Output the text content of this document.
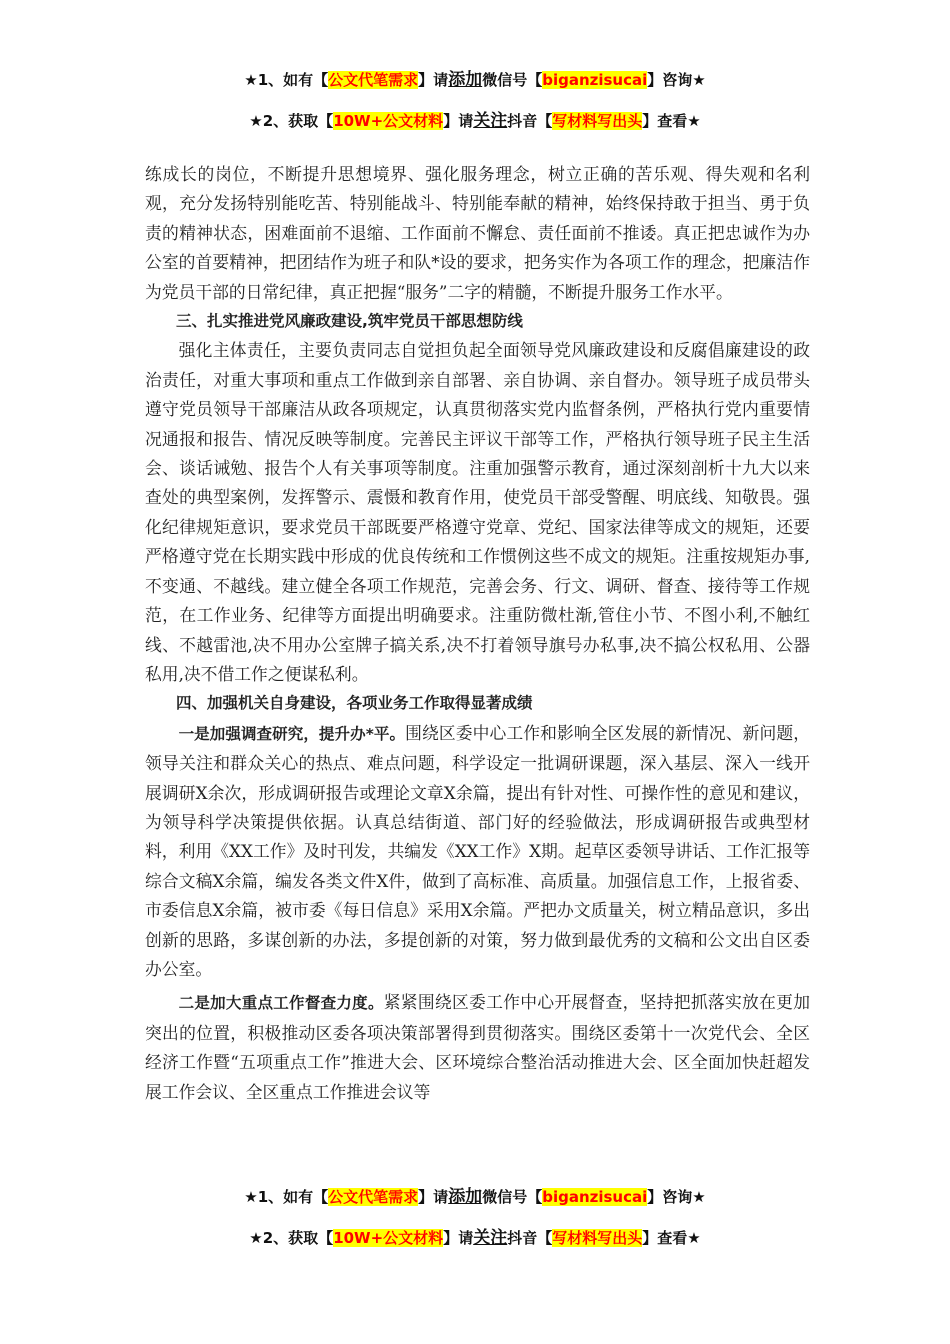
★1、如有【公文代笔需求】请添加微信号【biganzisucai】咨询★
★2、获取【10W+公文材料】请关注抖音【写材料写出头】查看★

练成长的岗位，不断提升思想境界、强化服务理念，树立正确的苦乐观、得失观和名利观，充分发扬特别能吃苦、特别能战斗、特别能奉献的精神，始终保持敢于担当、勇于负责的精神状态，困难面前不退缩、工作面前不懈怠、责任面前不推诿。真正把忠诚作为办公室的首要精神，把团结作为班子和队*设的要求，把务实作为各项工作的理念，把廉洁作为党员干部的日常纪律，真正把握“服务”二字的精髓，不断提升服务工作水平。

三、扎实推进党风廉政建设,筑牢党员干部思想防线

强化主体责任，主要负责同志自觉担负起全面领导党风廉政建设和反腐倡廉建设的政治责任，对重大事项和重点工作做到亲自部署、亲自协调、亲自督办。领导班子成员带头遵守党员领导干部廉洁从政各项规定，认真贯彻落实党内监督条例，严格执行党内重要情况通报和报告、情况反映等制度。完善民主评议干部等工作，严格执行领导班子民主生活会、谈话诫勉、报告个人有关事项等制度。注重加强警示教育，通过深刻剖析十九大以来查处的典型案例，发挥警示、震慑和教育作用，使党员干部受警醒、明底线、知敬畏。强化纪律规矩意识，要求党员干部既要严格遵守党章、党纪、国家法律等成文的规矩，还要严格遵守党在长期实践中形成的优良传统和工作惯例这些不成文的规矩。注重按规矩办事,不变通、不越线。建立健全各项工作规范，完善会务、行文、调研、督查、接待等工作规范，在工作业务、纪律等方面提出明确要求。注重防微杜渐,管住小节、不图小利,不触红线、不越雷池,决不用办公室牌子搞关系,决不打着领导旗号办私事,决不搞公权私用、公器私用,决不借工作之便谋私利。

四、加强机关自身建设，各项业务工作取得显著成绩

一是加强调查研究，提升办*平。围绕区委中心工作和影响全区发展的新情况、新问题，领导关注和群众关心的热点、难点问题，科学设定一批调研课题，深入基层、深入一线开展调研X余次，形成调研报告或理论文章X余篇，提出有针对性、可操作性的意见和建议，为领导科学决策提供依据。认真总结街道、部门好的经验做法，形成调研报告或典型材料，利用《XX工作》及时刊发，共编发《XX工作》X期。起草区委领导讲话、工作汇报等综合文稿X余篇，编发各类文件X件，做到了高标准、高质量。加强信息工作，上报省委、市委信息X余篇，被市委《每日信息》采用X余篇。严把办文质量关，树立精品意识，多出创新的思路，多谋创新的办法，多提创新的对策，努力做到最优秀的文稿和公文出自区委办公室。

二是加大重点工作督查力度。紧紧围绕区委工作中心开展督查，坚持把抓落实放在更加突出的位置，积极推动区委各项决策部署得到贯彻落实。围绕区委第十一次党代会、全区经济工作暨“五项重点工作”推进大会、区环境综合整治活动推进大会、区全面加快赶超发展工作会议、全区重点工作推进会议等

★1、如有【公文代笔需求】请添加微信号【biganzisucai】咨询★
★2、获取【10W+公文材料】请关注抖音【写材料写出头】查看★
